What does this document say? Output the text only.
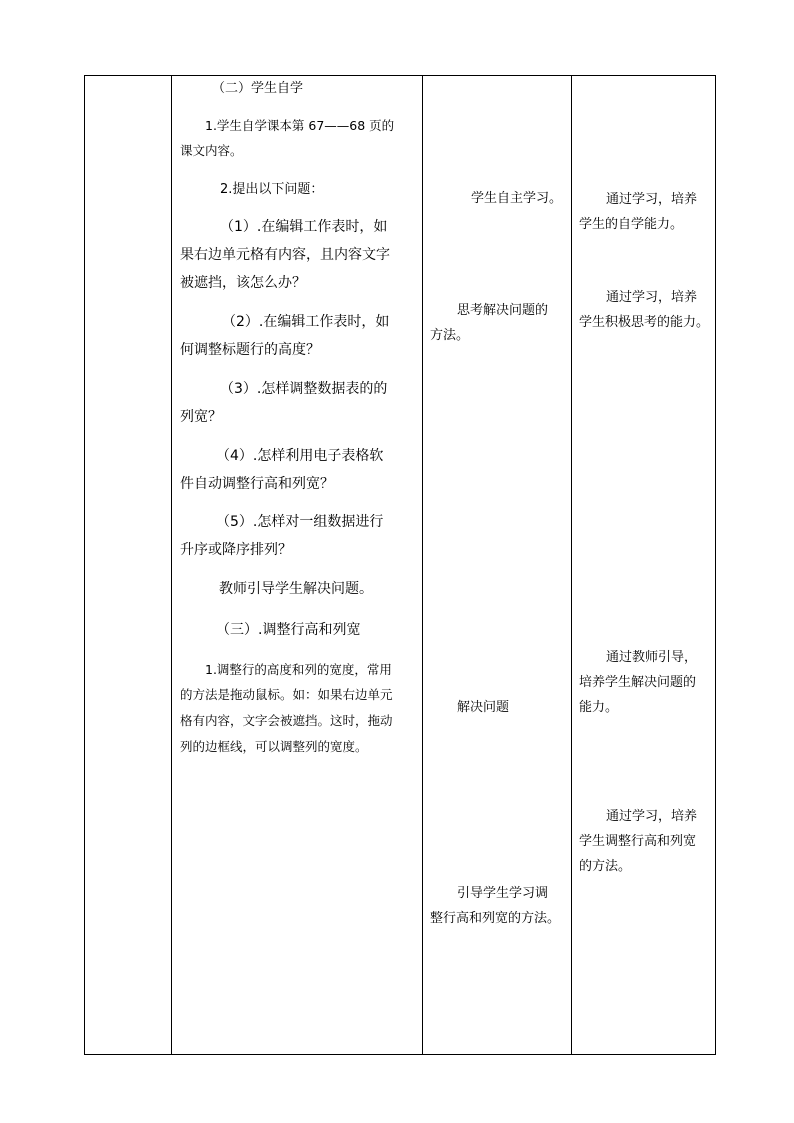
（二）学生自学
1.学生自学课本第 67——68 页的
课文内容。
2.提出以下问题：
（1）.在编辑工作表时，如
果右边单元格有内容，且内容文字
被遮挡，该怎么办？
（2）.在编辑工作表时，如
何调整标题行的高度？
（3）.怎样调整数据表的的
列宽？
（4）.怎样利用电子表格软
件自动调整行高和列宽？
（5）.怎样对一组数据进行
升序或降序排列？
教师引导学生解决问题。
（三）.调整行高和列宽
1.调整行的高度和列的宽度，常用
的方法是拖动鼠标。如：如果右边单元
格有内容，文字会被遮挡。这时，拖动
列的边框线，可以调整列的宽度。
学生自主学习。
思考解决问题的
方法。
解决问题
引导学生学习调
整行高和列宽的方法。
通过学习，培养
学生的自学能力。
通过学习，培养
学生积极思考的能力。
通过教师引导，
培养学生解决问题的
能力。
通过学习，培养
学生调整行高和列宽
的方法。
